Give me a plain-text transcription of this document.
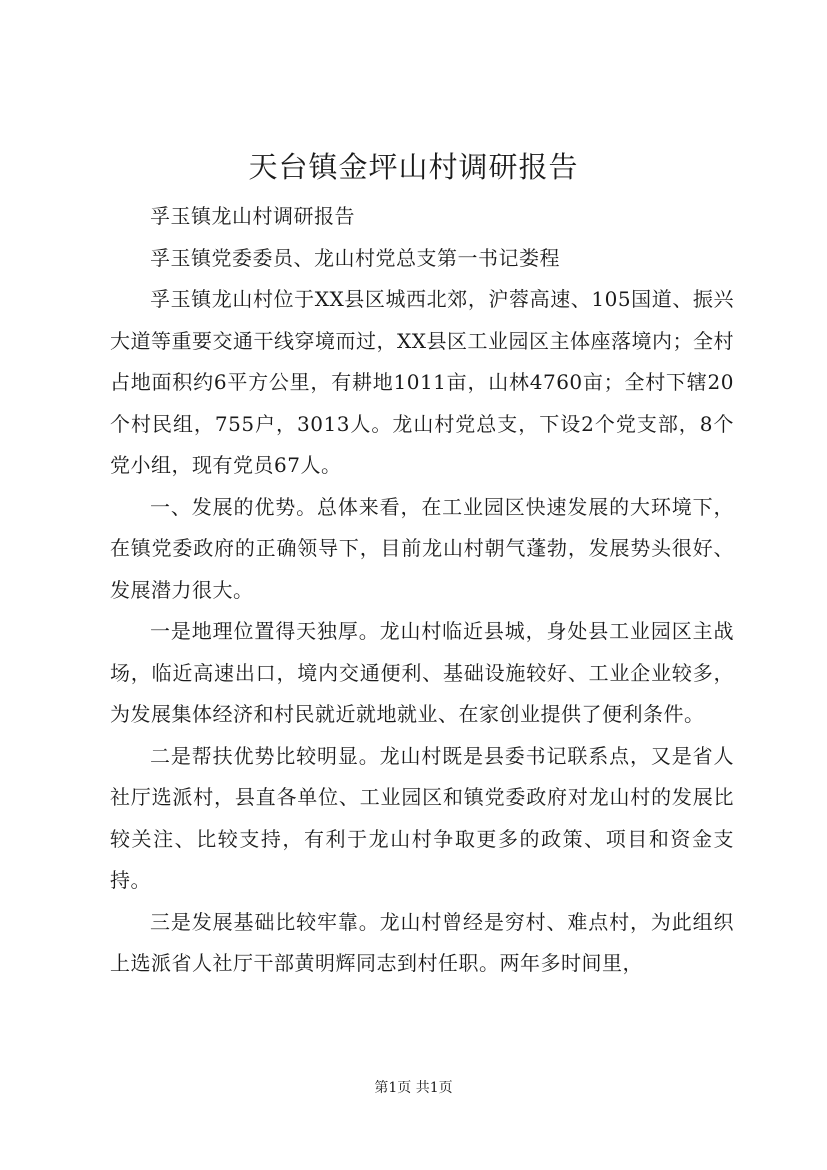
天台镇金坪山村调研报告

孚玉镇龙山村调研报告

孚玉镇党委委员、龙山村党总支第一书记娄程

孚玉镇龙山村位于XX县区城西北郊，沪蓉高速、105国道、振兴大道等重要交通干线穿境而过，XX县区工业园区主体座落境内；全村占地面积约6平方公里，有耕地1011亩，山林4760亩；全村下辖20个村民组，755户，3013人。龙山村党总支，下设2个党支部，8个党小组，现有党员67人。

一、发展的优势。总体来看，在工业园区快速发展的大环境下，在镇党委政府的正确领导下，目前龙山村朝气蓬勃，发展势头很好、发展潜力很大。

一是地理位置得天独厚。龙山村临近县城，身处县工业园区主战场，临近高速出口，境内交通便利、基础设施较好、工业企业较多，为发展集体经济和村民就近就地就业、在家创业提供了便利条件。

二是帮扶优势比较明显。龙山村既是县委书记联系点，又是省人社厅选派村，县直各单位、工业园区和镇党委政府对龙山村的发展比较关注、比较支持，有利于龙山村争取更多的政策、项目和资金支持。

三是发展基础比较牢靠。龙山村曾经是穷村、难点村，为此组织上选派省人社厅干部黄明辉同志到村任职。两年多时间里，

第1页 共1页
